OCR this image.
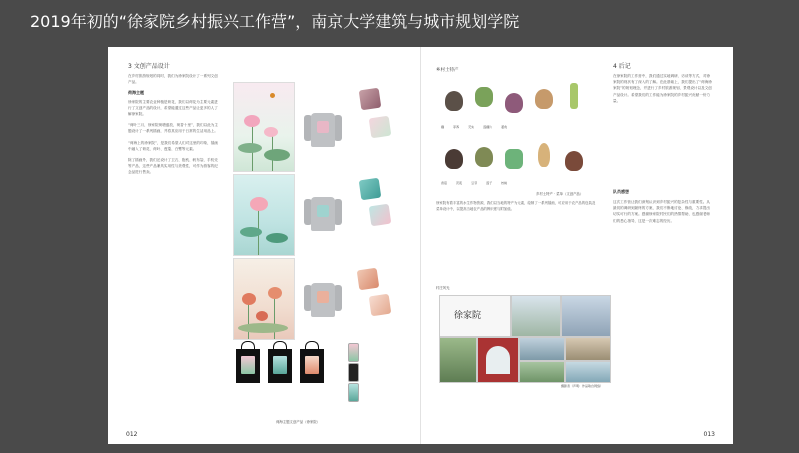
2019年初的“徐家院乡村振兴工作营”，南京大学建筑与城市规划学院
3 文创产品设计

在乡村旅游规划的同时，我们为徐家院设计了一系列文创产品。

荷海主题

徐家院的主要农业种植是荷花，我们以荷花为主要元素进行了文创产品的设计，希望能通过这些产品让更多的人了解徐家院。

“荷叶三月，徐家院荷塘盛放，荷香十里”，我们以此为主题设计了一系列插画，并将其应用于日常的生活用品上。

“荷海上的徐家院”，是我们希望人们对这里的印象，插画中融入了荷花、荷叶、莲蓬、白鹭等元素。

除了插画外，我们还设计了卫衣、抱枕、帆布袋、手机壳等产品，这些产品兼具实用性与美观性，可作为游客的纪念品进行售卖。

荷海主题文创产品（徐家院）
012
乡村土特产
藕　　　	荸荠　　　	芡实　　　	莲藕片　　　	菱角
香菇　　　	茨菰　　　	豆芽　　　	莲子　　　	核桃
乡村土特产 · 菜单（文创产品）
徐家院有着丰富的水生作物资源，我们以当地的特产为元素，绘制了一系列插画，可应用于农产品的包装及菜单设计中，以提高当地农产品的辨识度与附加值。
村庄风光
徐家院
摄影者（声明：作品取自网络）
4 后记
在徐家院的工作营中，我们通过实地调研、访谈等方式，对徐家院的现状有了深入的了解。在此基础上，我们提出了“荷海徐家院”的规划理念，并进行了乡村旅游规划、景观设计以及文创产品设计。希望我们的工作能为徐家院的乡村振兴贡献一份力量。
队员感想
这次工作营让我们深刻认识到乡村振兴的复杂性与重要性。从最初的调研到最终的方案，我们不断地讨论、修改，力求提出切实可行的方案。感谢徐家院村民们的热情帮助，也感谢老师们的悉心指导，这是一次难忘的经历。
013
